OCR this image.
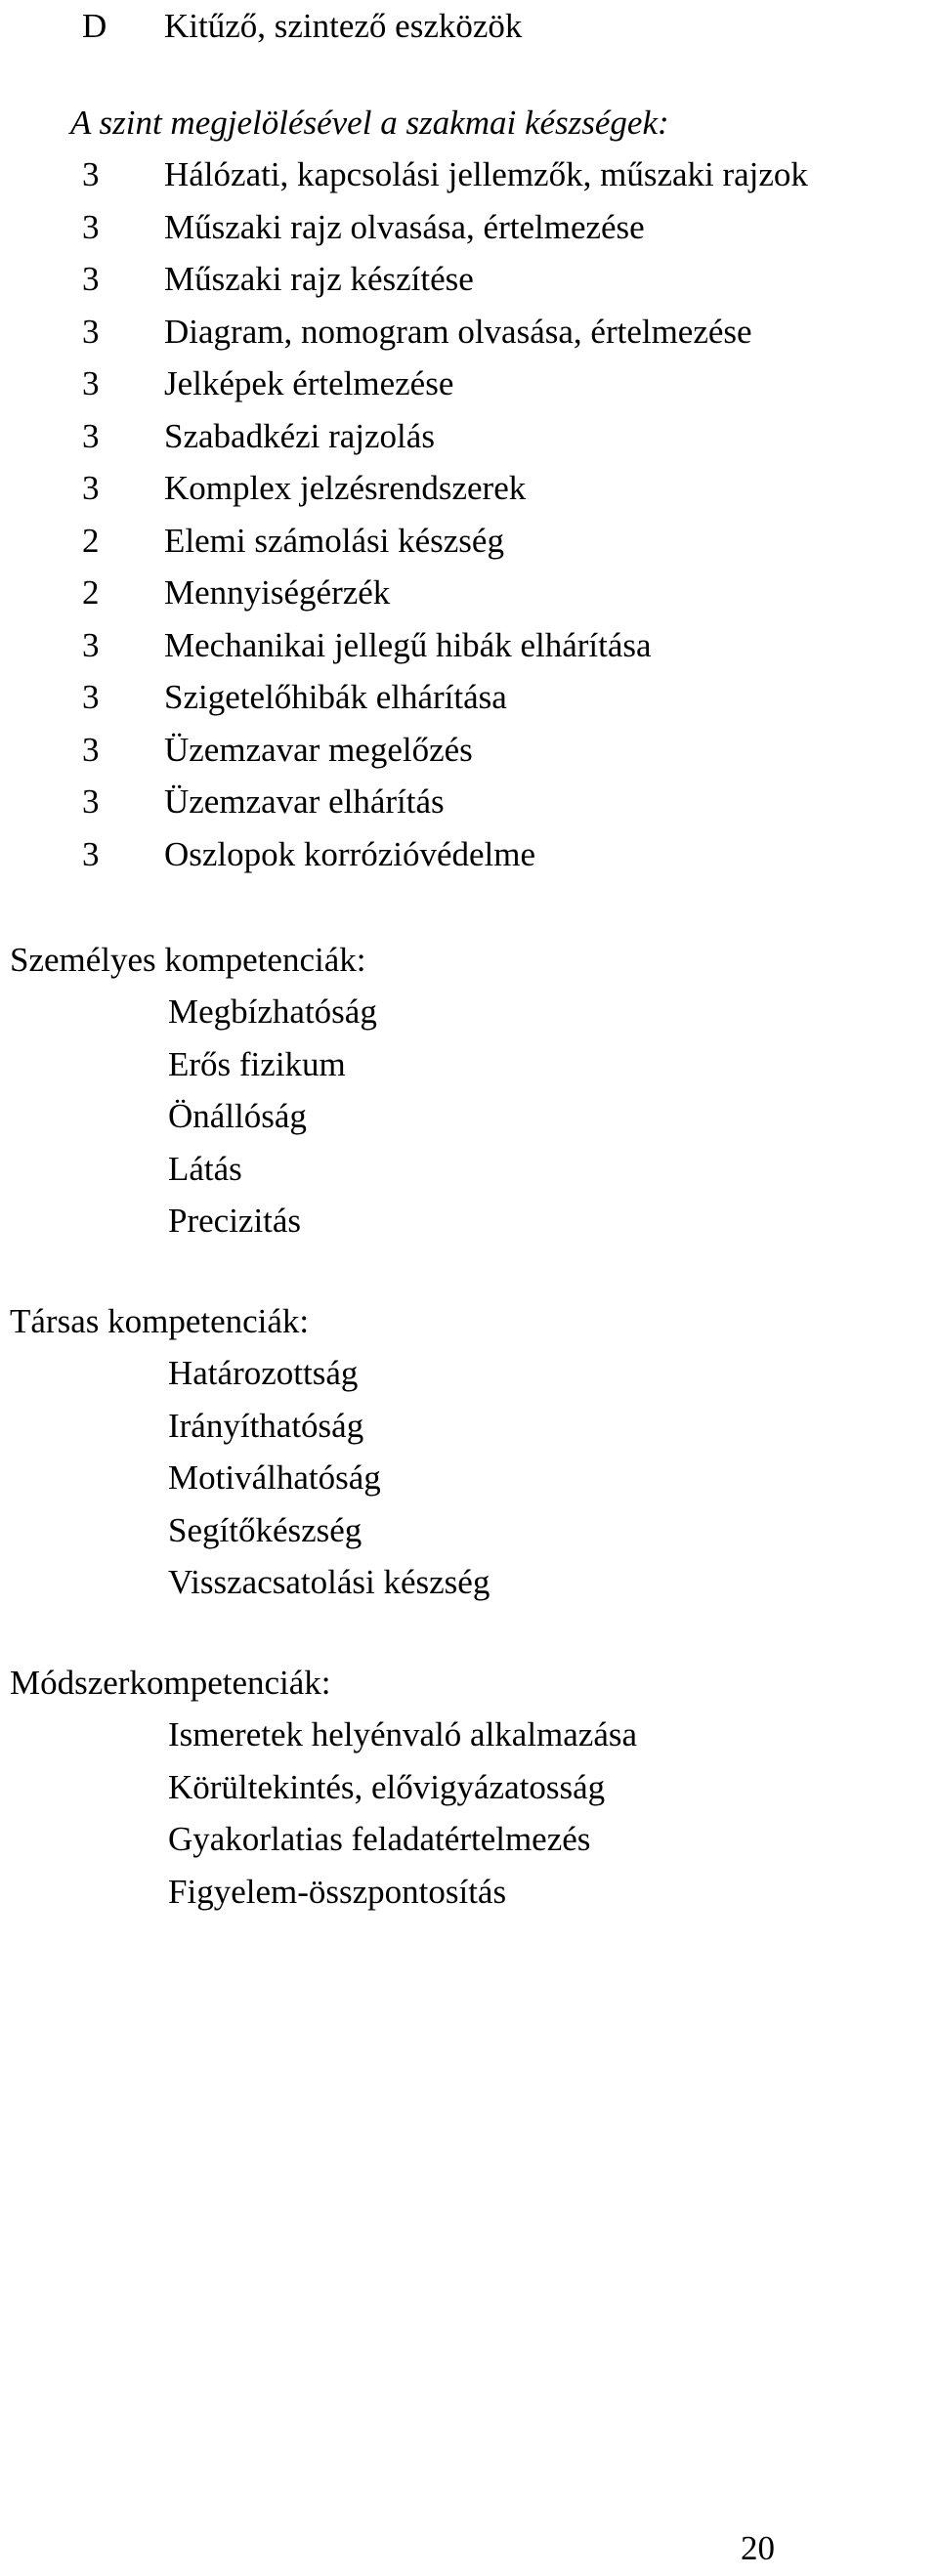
D	Kitűző, szintező eszközök
A szint megjelölésével a szakmai készségek:
3	Hálózati, kapcsolási jellemzők, műszaki rajzok
3	Műszaki rajz olvasása, értelmezése
3	Műszaki rajz készítése
3	Diagram, nomogram olvasása, értelmezése
3	Jelképek értelmezése
3	Szabadkézi rajzolás
3	Komplex jelzésrendszerek
2	Elemi számolási készség
2	Mennyiségérzék
3	Mechanikai jellegű hibák elhárítása
3	Szigetelőhibák elhárítása
3	Üzemzavar megelőzés
3	Üzemzavar elhárítás
3	Oszlopok korrózióvédelme
Személyes kompetenciák:
Megbízhatóság
Erős fizikum
Önállóság
Látás
Precizitás
Társas kompetenciák:
Határozottság
Irányíthatóság
Motiválhatóság
Segítőkészség
Visszacsatolási készség
Módszerkompetenciák:
Ismeretek helyénvaló alkalmazása
Körültekintés, elővigyázatosság
Gyakorlatias feladatértelmezés
Figyelem-összpontosítás
20
